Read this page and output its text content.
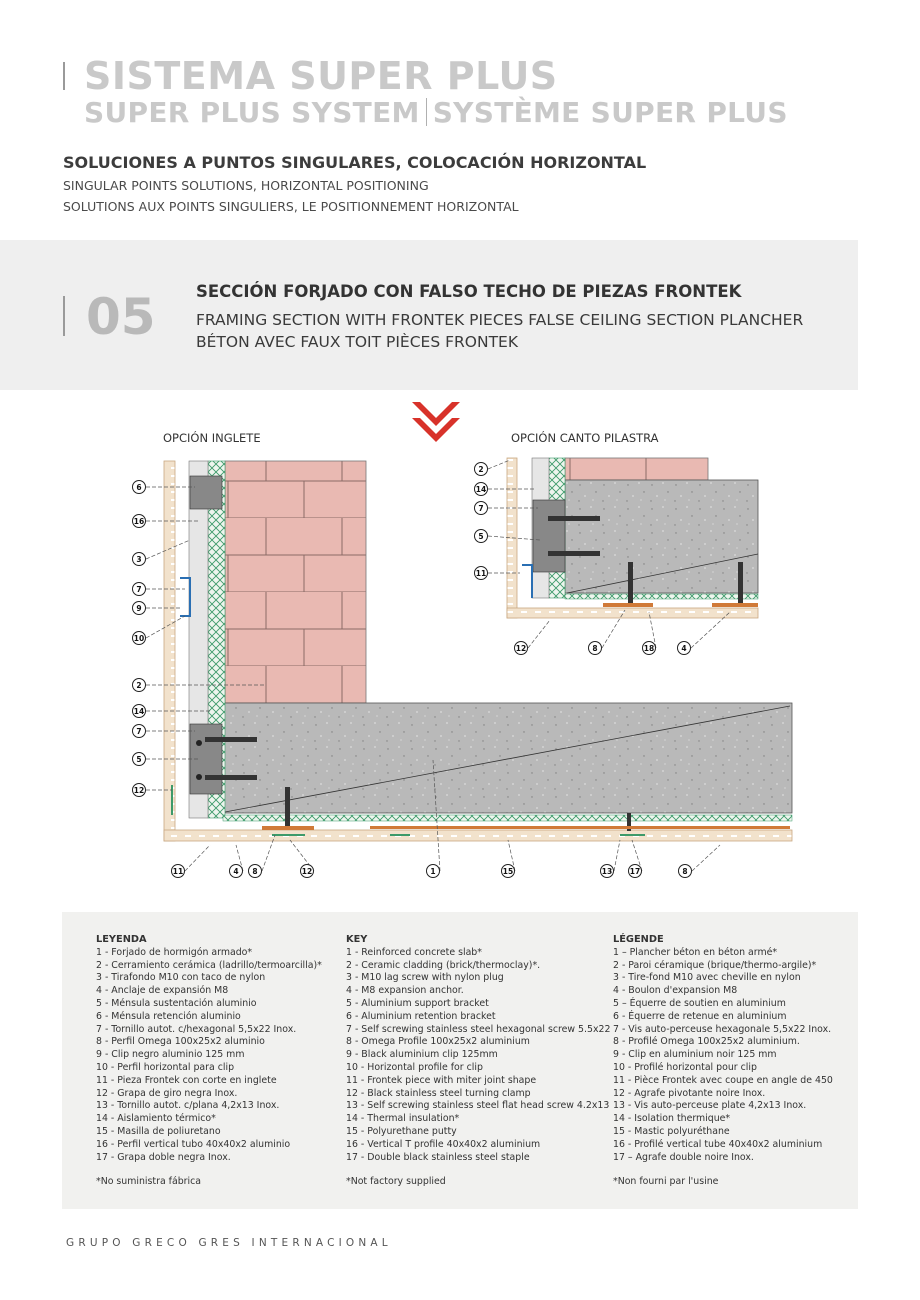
SISTEMA SUPER PLUS
SUPER PLUS SYSTEM SYSTÈME SUPER PLUS
SOLUCIONES A PUNTOS SINGULARES, COLOCACIÓN HORIZONTAL
SINGULAR POINTS SOLUTIONS, HORIZONTAL POSITIONING
SOLUTIONS AUX POINTS SINGULIERS, LE POSITIONNEMENT HORIZONTAL
05 SECCIÓN FORJADO CON FALSO TECHO DE PIEZAS FRONTEK
FRAMING SECTION WITH FRONTEK PIECES FALSE CEILING SECTION PLANCHER BÉTON AVEC FAUX TOIT PIÈCES FRONTEK
OPCIÓN INGLETE	OPCIÓN CANTO PILASTRA
6
16
3
7
9
10
2
14
7
5
12
11	4 8	12	1	15	13 17	8
2
14
7
5
11
12	8	18	4
LEYENDA
1 - Forjado de hormigón armado*
2 - Cerramiento cerámica (ladrillo/termoarcilla)*
3 - Tirafondo M10 con taco de nylon
4 - Anclaje de expansión M8
5 - Ménsula sustentación aluminio
6 - Ménsula retención aluminio
7 - Tornillo autot. c/hexagonal 5,5x22 Inox.
8 - Perfil Omega 100x25x2 aluminio
9 - Clip negro aluminio 125 mm
10 - Perfil horizontal para clip
11 - Pieza Frontek con corte en inglete
12 - Grapa de giro negra Inox.
13 - Tornillo autot. c/plana 4,2x13 Inox.
14 - Aislamiento térmico*
15 - Masilla de poliuretano
16 - Perfil vertical tubo 40x40x2 aluminio
17 - Grapa doble negra Inox.
*No suministra fábrica
KEY
1 - Reinforced concrete slab*
2 - Ceramic cladding (brick/thermoclay)*.
3 - M10 lag screw with nylon plug
4 - M8 expansion anchor.
5 - Aluminium support bracket
6 - Aluminium retention bracket
7 - Self screwing stainless steel hexagonal screw 5.5x22
8 - Omega Profile 100x25x2 aluminium
9 - Black aluminium clip 125mm
10 - Horizontal profile for clip
11 - Frontek piece with miter joint shape
12 - Black stainless steel turning clamp
13 - Self screwing stainless steel flat head screw 4.2x13
14 - Thermal insulation*
15 - Polyurethane putty
16 - Vertical T profile 40x40x2 aluminium
17 - Double black stainless steel staple
*Not factory supplied
LÉGENDE
1 – Plancher béton en béton armé*
2 - Paroi céramique (brique/thermo-argile)*
3 - Tire-fond M10 avec cheville en nylon
4 - Boulon d'expansion M8
5 – Équerre de soutien en aluminium
6 - Équerre de retenue en aluminium
7 - Vis auto-perceuse hexagonale 5,5x22 Inox.
8 - Profilé Omega 100x25x2 aluminium.
9 - Clip en aluminium noir 125 mm
10 - Profilé horizontal pour clip
11 - Pièce Frontek avec coupe en angle de 450
12 - Agrafe pivotante noire Inox.
13 - Vis auto-perceuse plate 4,2x13 Inox.
14 - Isolation thermique*
15 - Mastic polyuréthane
16 - Profilé vertical tube 40x40x2 aluminium
17 – Agrafe double noire Inox.
*Non fourni par l'usine
GRUPO GRECO GRES INTERNACIONAL
